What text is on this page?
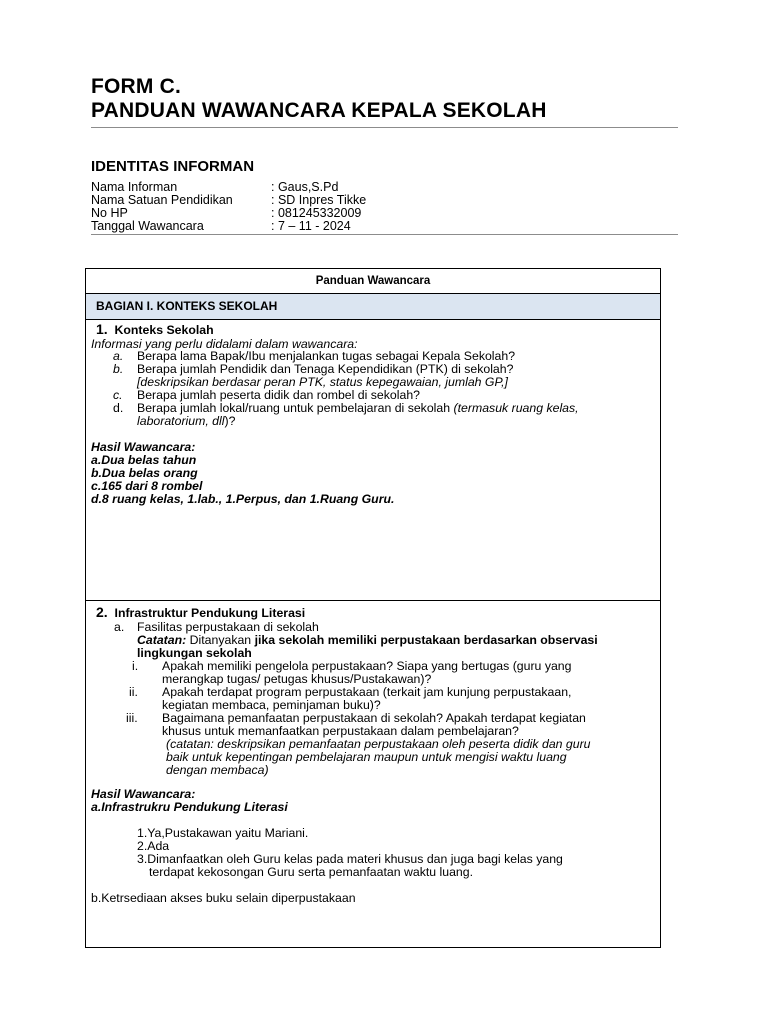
FORM C.
PANDUAN WAWANCARA KEPALA SEKOLAH
IDENTITAS INFORMAN
Nama Informan	: Gaus,S.Pd
Nama Satuan Pendidikan	: SD Inpres Tikke
No HP	: 081245332009
Tanggal Wawancara	: 7 – 11 - 2024
Panduan Wawancara
BAGIAN I. KONTEKS SEKOLAH
1. Konteks Sekolah
Informasi yang perlu didalami dalam wawancara:
a. Berapa lama Bapak/Ibu menjalankan tugas sebagai Kepala Sekolah?
b. Berapa jumlah Pendidik dan Tenaga Kependidikan (PTK) di sekolah?
[deskripsikan berdasar peran PTK, status kepegawaian, jumlah GP,]
c. Berapa jumlah peserta didik dan rombel di sekolah?
d. Berapa jumlah lokal/ruang untuk pembelajaran di sekolah (termasuk ruang kelas,
laboratorium, dll)?
Hasil Wawancara:
a.Dua belas tahun
b.Dua belas orang
c.165 dari 8 rombel
d.8 ruang kelas, 1.lab., 1.Perpus, dan 1.Ruang Guru.
2. Infrastruktur Pendukung Literasi
a. Fasilitas perpustakaan di sekolah
Catatan: Ditanyakan jika sekolah memiliki perpustakaan berdasarkan observasi
lingkungan sekolah
i. Apakah memiliki pengelola perpustakaan? Siapa yang bertugas (guru yang
merangkap tugas/ petugas khusus/Pustakawan)?
ii. Apakah terdapat program perpustakaan (terkait jam kunjung perpustakaan,
kegiatan membaca, peminjaman buku)?
iii. Bagaimana pemanfaatan perpustakaan di sekolah? Apakah terdapat kegiatan
khusus untuk memanfaatkan perpustakaan dalam pembelajaran?
(catatan: deskripsikan pemanfaatan perpustakaan oleh peserta didik dan guru
baik untuk kepentingan pembelajaran maupun untuk mengisi waktu luang
dengan membaca)
Hasil Wawancara:
a.Infrastrukru Pendukung Literasi
1.Ya,Pustakawan yaitu Mariani.
2.Ada
3.Dimanfaatkan oleh Guru kelas pada materi khusus dan juga bagi kelas yang
terdapat kekosongan Guru serta pemanfaatan waktu luang.
b.Ketrsediaan akses buku selain diperpustakaan
